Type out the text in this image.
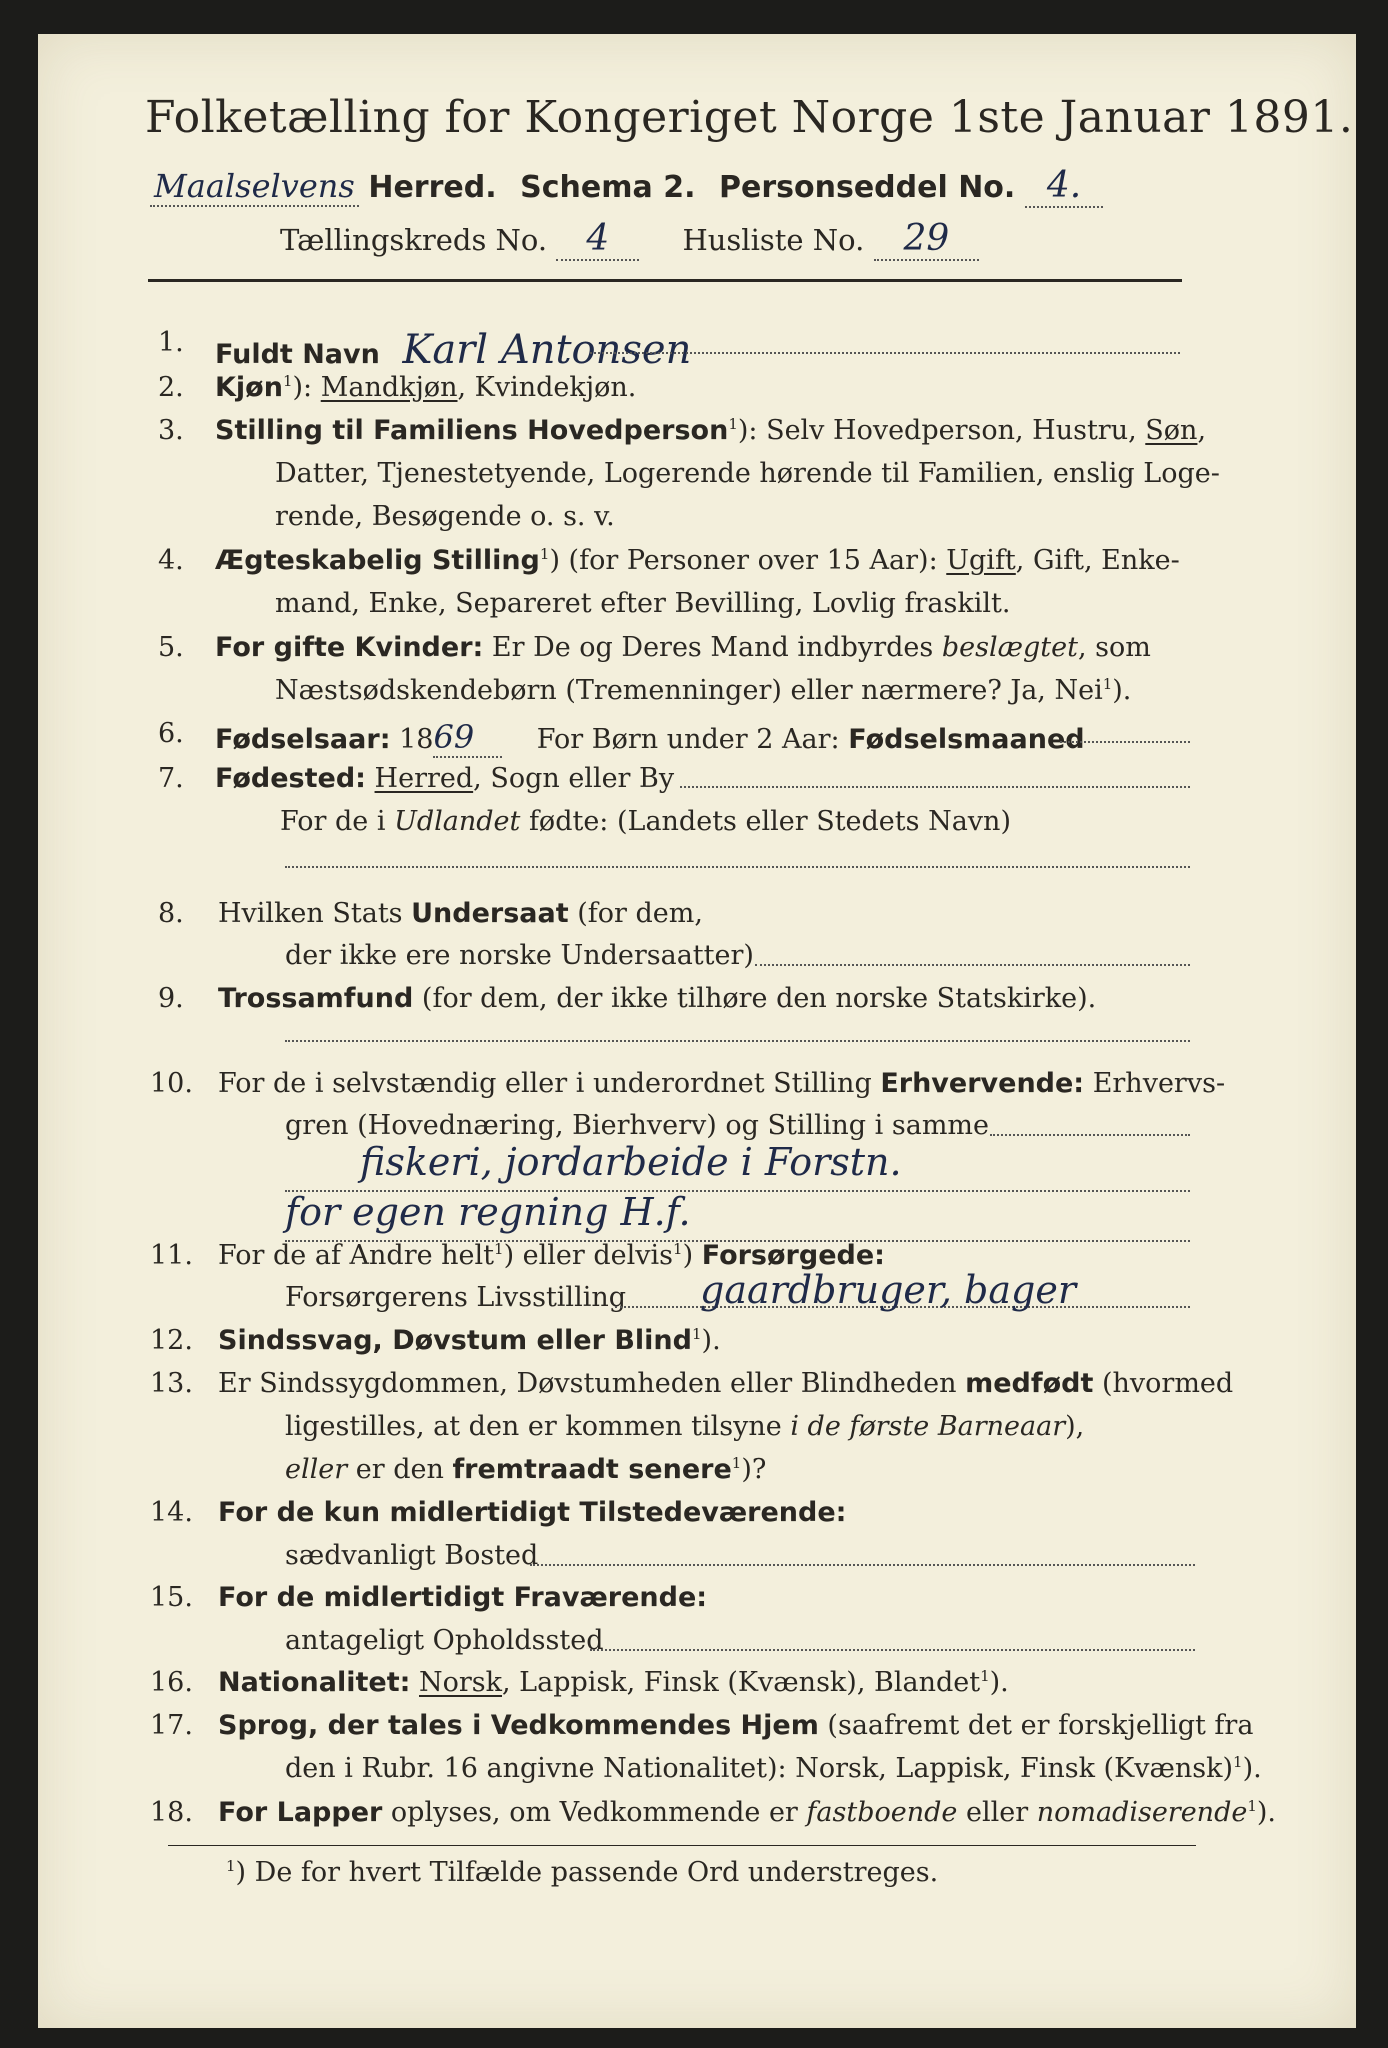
Folketælling for Kongeriget Norge 1ste Januar 1891.
Maalselvens Herred. Schema 2. Personseddel No. 4.
Tællingskreds No. 4	Husliste No. 29
1. Fuldt Navn Karl Antonsen
2. Kjøn$^1$): Mandkjøn, Kvindekjøn.
3. Stilling til Familiens Hovedperson$^1$): Selv Hovedperson, Hustru, Søn,
Datter, Tjenestetyende, Logerende hørende til Familien, enslig Loge-
rende, Besøgende o. s. v.
4. Ægteskabelig Stilling$^1$) (for Personer over 15 Aar): Ugift, Gift, Enke-
mand, Enke, Separeret efter Bevilling, Lovlig fraskilt.
5. For gifte Kvinder: Er De og Deres Mand indbyrdes beslægtet, som
Næstsødskendebørn (Tremenninger) eller nærmere? Ja, Nei$^1$).
6. Fødselsaar: 1869 For Børn under 2 Aar: Fødselsmaaned
7. Fødested: Herred, Sogn eller By
For de i Udlandet fødte: (Landets eller Stedets Navn)
8. Hvilken Stats Undersaat (for dem,
der ikke ere norske Undersaatter)
9. Trossamfund (for dem, der ikke tilhøre den norske Statskirke).
10. For de i selvstændig eller i underordnet Stilling Erhvervende: Erhvervs-
gren (Hovednæring, Bierhverv) og Stilling i samme
fiskeri, jordarbeide i Forstn.
for egen regning H.f.
11. For de af Andre helt$^1$) eller delvis$^1$) Forsørgede:
Forsørgerens Livsstilling gaardbruger, bager
12. Sindssvag, Døvstum eller Blind$^1$).
13. Er Sindssygdommen, Døvstumheden eller Blindheden medfødt (hvormed
ligestilles, at den er kommen tilsyne i de første Barneaar),
eller er den fremtraadt senere$^1$)?
14. For de kun midlertidigt Tilstedeværende:
sædvanligt Bosted
15. For de midlertidigt Fraværende:
antageligt Opholdssted
16. Nationalitet: Norsk, Lappisk, Finsk (Kvænsk), Blandet$^1$).
17. Sprog, der tales i Vedkommendes Hjem (saafremt det er forskjelligt fra
den i Rubr. 16 angivne Nationalitet): Norsk, Lappisk, Finsk (Kvænsk)$^1$).
18. For Lapper oplyses, om Vedkommende er fastboende eller nomadiserende$^1$).
$^1$) De for hvert Tilfælde passende Ord understreges.
